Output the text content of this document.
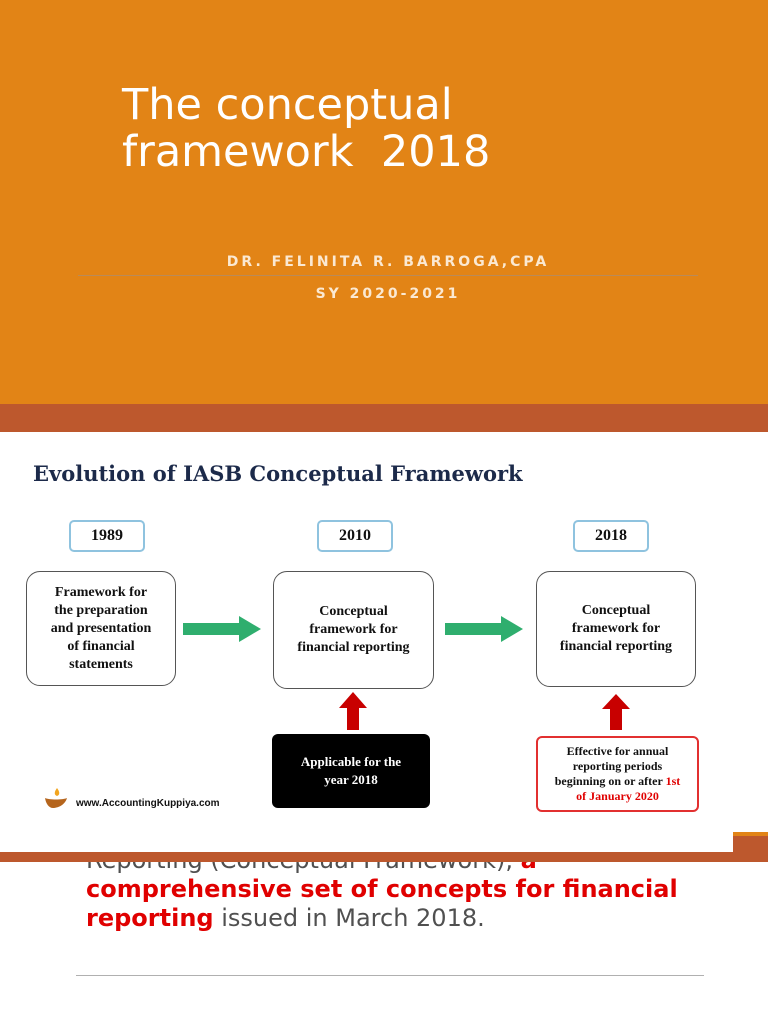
The conceptual
framework  2018
DR. FELINITA R. BARROGA,CPA
SY 2020-2021
comprehensive set of concepts for financial reporting issued in March 2018.
Evolution of IASB Conceptual Framework
1989	2010	2018
Framework for
the preparation
and presentation
of financial
statements
Conceptual
framework for
financial reporting
Conceptual
framework for
financial reporting
Applicable for the
year 2018
Effective for annual
reporting periods
beginning on or after 1st
of January 2020
www.AccountingKuppiya.com
